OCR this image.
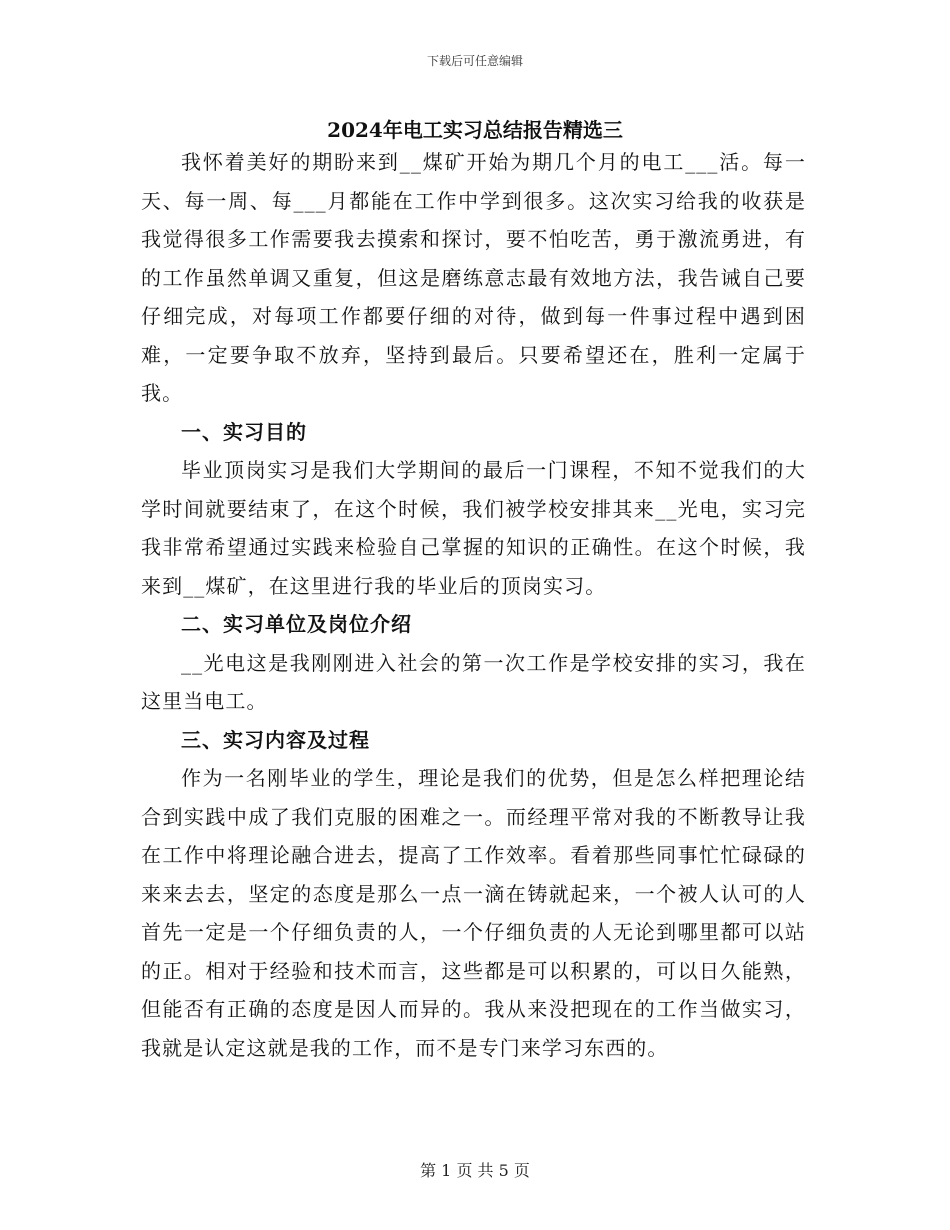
下载后可任意编辑
2024年电工实习总结报告精选三

我怀着美好的期盼来到__煤矿开始为期几个月的电工___活。每一天、每一周、每___月都能在工作中学到很多。这次实习给我的收获是我觉得很多工作需要我去摸索和探讨，要不怕吃苦，勇于激流勇进，有的工作虽然单调又重复，但这是磨练意志最有效地方法，我告诫自己要仔细完成，对每项工作都要仔细的对待，做到每一件事过程中遇到困难，一定要争取不放弃，坚持到最后。只要希望还在，胜利一定属于我。

一、实习目的

毕业顶岗实习是我们大学期间的最后一门课程，不知不觉我们的大学时间就要结束了，在这个时候，我们被学校安排其来__光电，实习完我非常希望通过实践来检验自己掌握的知识的正确性。在这个时候，我来到__煤矿，在这里进行我的毕业后的顶岗实习。

二、实习单位及岗位介绍

__光电这是我刚刚进入社会的第一次工作是学校安排的实习，我在这里当电工。

三、实习内容及过程

作为一名刚毕业的学生，理论是我们的优势，但是怎么样把理论结合到实践中成了我们克服的困难之一。而经理平常对我的不断教导让我在工作中将理论融合进去，提高了工作效率。看着那些同事忙忙碌碌的来来去去，坚定的态度是那么一点一滴在铸就起来，一个被人认可的人首先一定是一个仔细负责的人，一个仔细负责的人无论到哪里都可以站的正。相对于经验和技术而言，这些都是可以积累的，可以日久能熟，但能否有正确的态度是因人而异的。我从来没把现在的工作当做实习，我就是认定这就是我的工作，而不是专门来学习东西的。

第 1 页 共 5 页
